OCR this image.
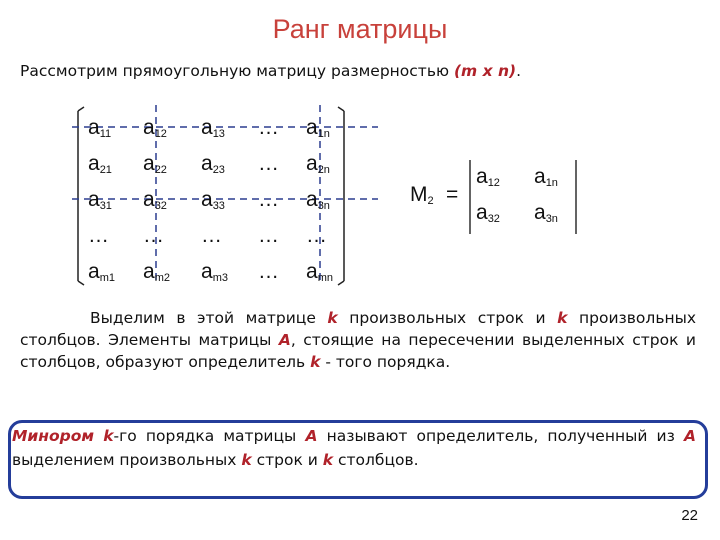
Ранг матрицы
Рассмотрим прямоугольную матрицу размерностью (m x n).
$a_{11}$ $a_{12}$ $a_{13}$ … $a_{1n}$
$a_{21}$ $a_{22}$ $a_{23}$ … $a_{2n}$
$a_{31}$ $a_{32}$ $a_{33}$ … $a_{3n}$
… … … … …
$a_{m1}$ $a_{m2}$ $a_{m3}$ … $a_{mn}$
$M_2$ =
$a_{12}$ $a_{1n}$
$a_{32}$ $a_{3n}$

Выделим в этой матрице k произвольных строк и k произвольных столбцов. Элементы матрицы A, стоящие на пересечении выделенных строк и столбцов, образуют определитель k - того порядка.

Минором k-го порядка матрицы A называют определитель, полученный из A выделением произвольных k строк и k столбцов.

22
